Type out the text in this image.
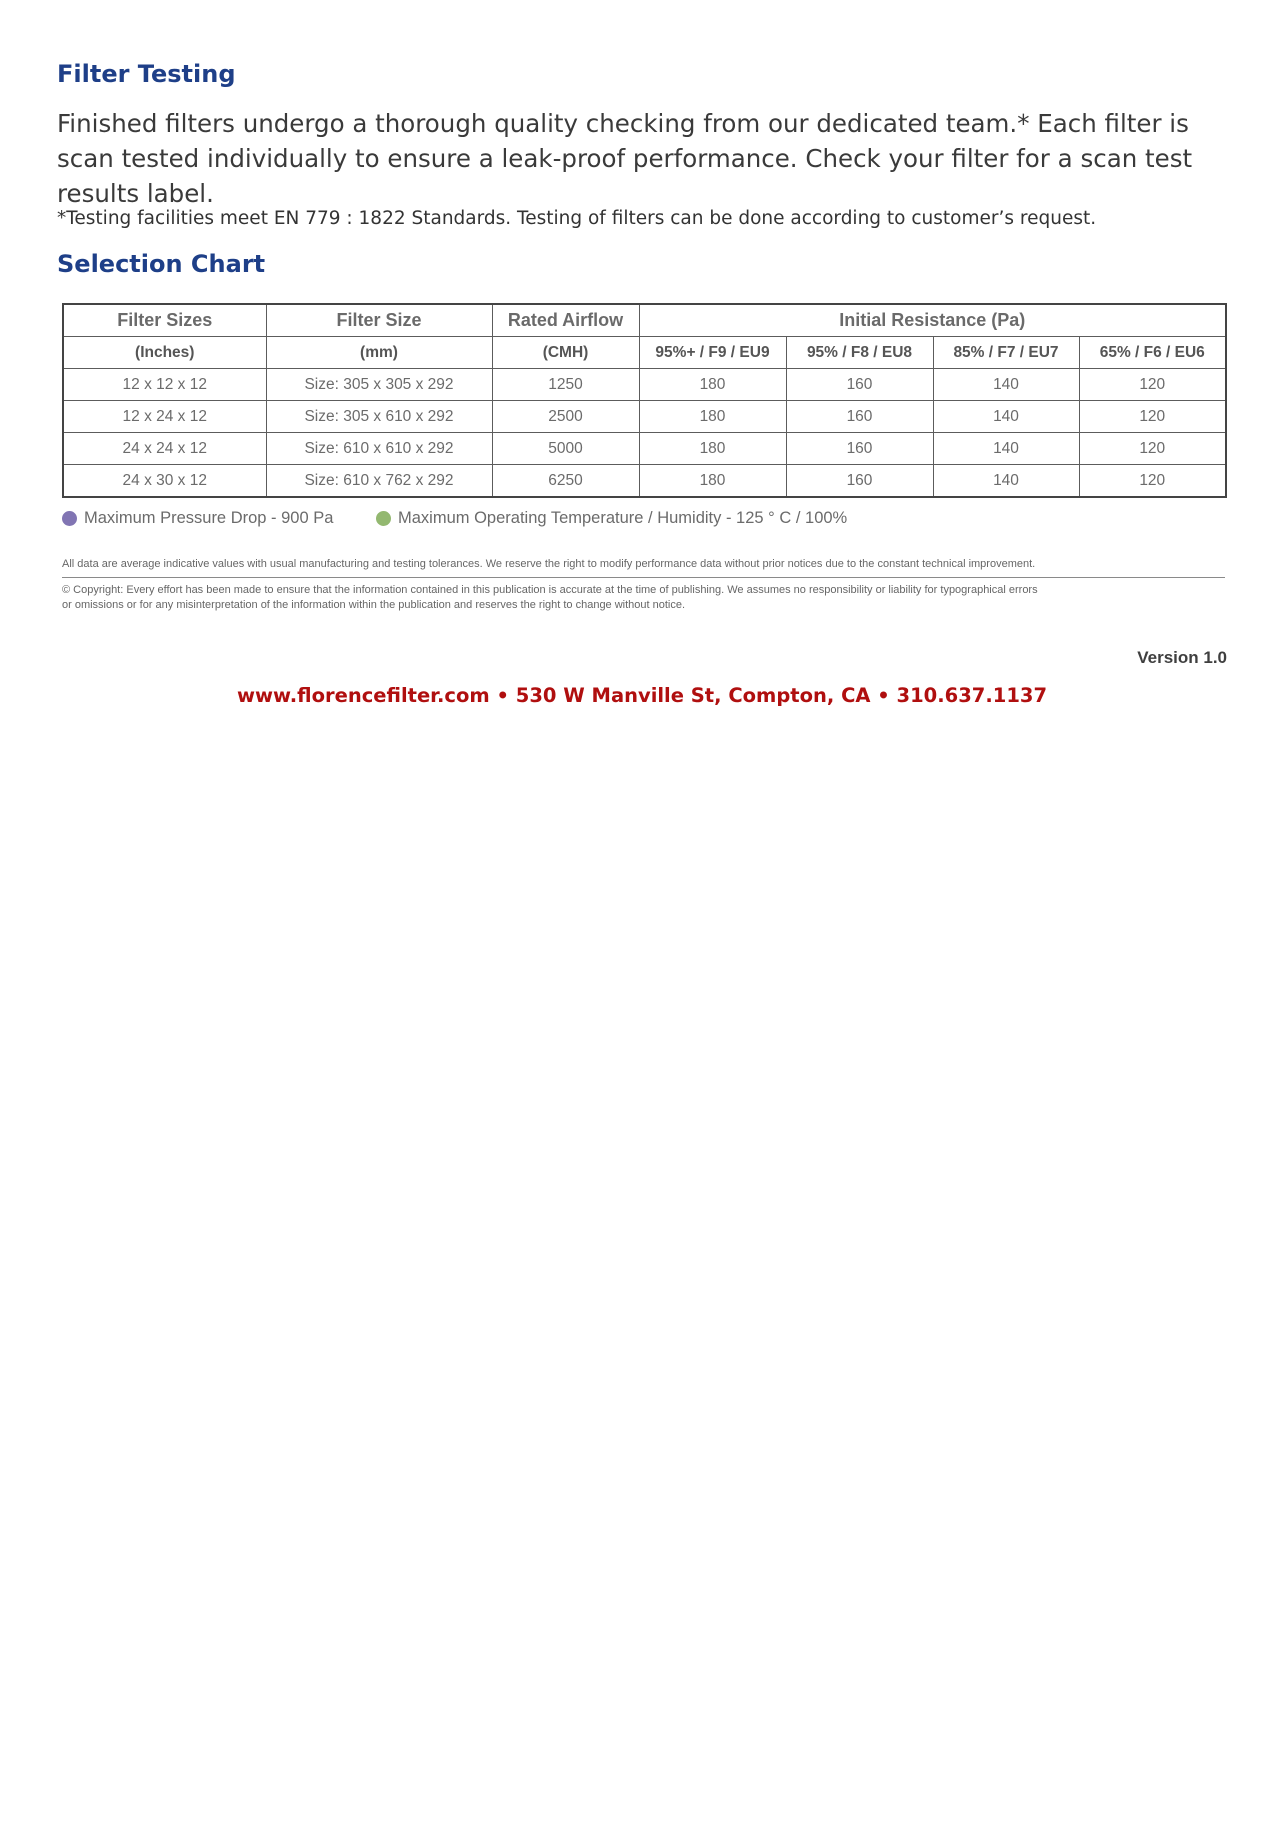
Filter Testing

Finished filters undergo a thorough quality checking from our dedicated team.* Each filter is scan tested individually to ensure a leak-proof performance. Check your filter for a scan test results label.

*Testing facilities meet EN 779 : 1822 Standards. Testing of filters can be done according to customer’s request.

Selection Chart
Filter Sizes	Filter Size	Rated Airflow	Initial Resistance (Pa)			
(Inches)	(mm)	(CMH)	95%+ / F9 / EU9	95% / F8 / EU8	85% / F7 / EU7	65% / F6 / EU6
12 x 12 x 12	Size: 305 x 305 x 292	1250	180	160	140	120
12 x 24 x 12	Size: 305 x 610 x 292	2500	180	160	140	120
24 x 24 x 12	Size: 610 x 610 x 292	5000	180	160	140	120
24 x 30 x 12	Size: 610 x 762 x 292	6250	180	160	140	120
Maximum Pressure Drop - 900 Pa	Maximum Operating Temperature / Humidity - 125 ° C / 100%
All data are average indicative values with usual manufacturing and testing tolerances. We reserve the right to modify performance data without prior notices due to the constant technical improvement.
© Copyright: Every effort has been made to ensure that the information contained in this publication is accurate at the time of publishing. We assumes no responsibility or liability for typographical errors
or omissions or for any misinterpretation of the information within the publication and reserves the right to change without notice.
Version 1.0
www.florencefilter.com • 530 W Manville St, Compton, CA • 310.637.1137
